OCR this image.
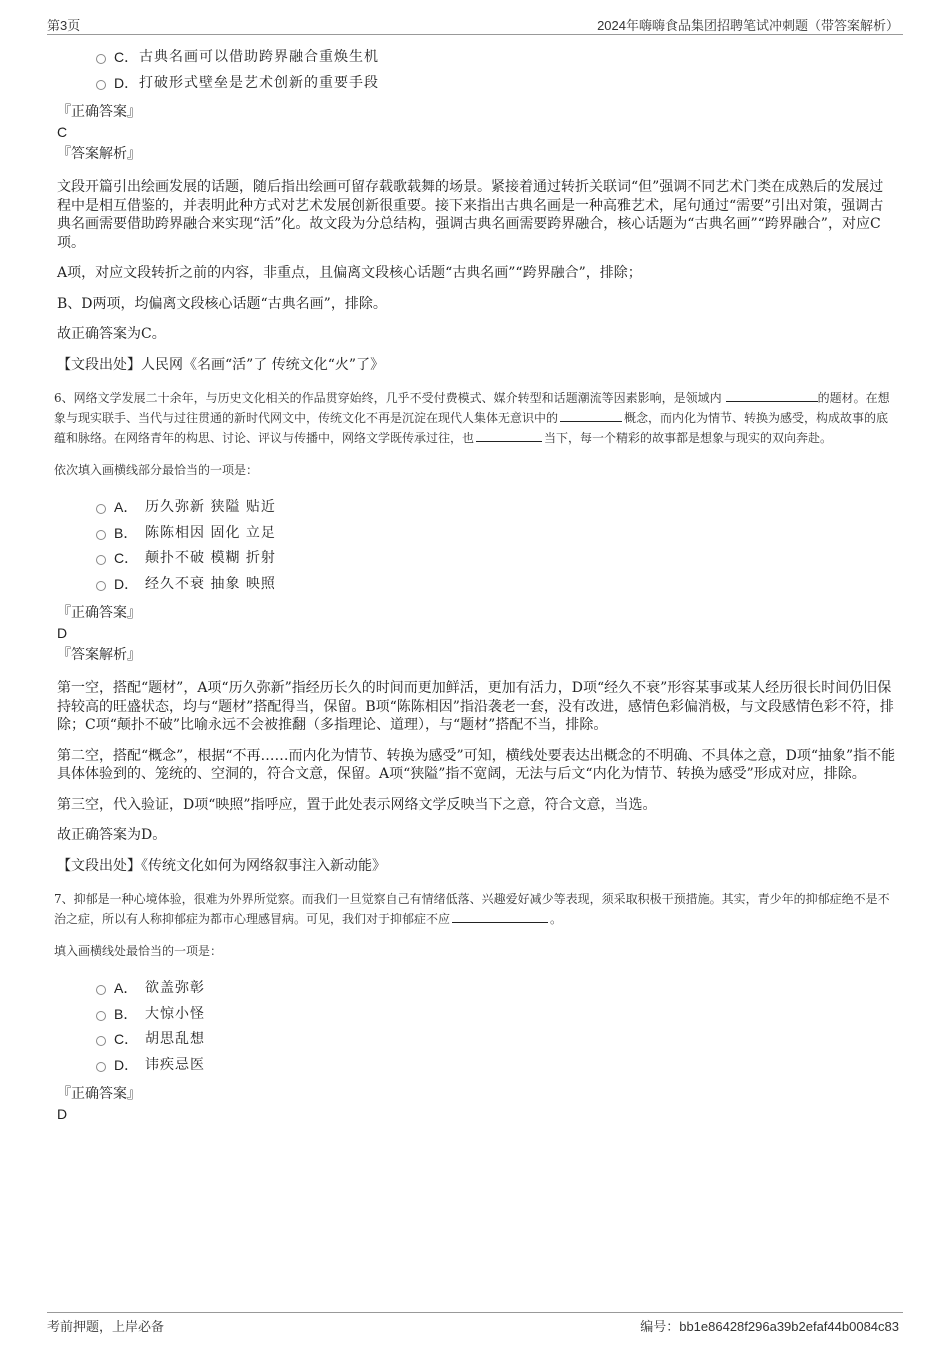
第3页	2024年嗨嗨食品集团招聘笔试冲刺题（带答案解析）
C． 古典名画可以借助跨界融合重焕生机
D． 打破形式壁垒是艺术创新的重要手段
『正确答案』
C
『答案解析』

文段开篇引出绘画发展的话题，随后指出绘画可留存载歌载舞的场景。紧接着通过转折关联词“但”强调不同艺术门类在成熟后的发展过程中是相互借鉴的，并表明此种方式对艺术发展创新很重要。接下来指出古典名画是一种高雅艺术，尾句通过“需要”引出对策，强调古典名画需要借助跨界融合来实现“活”化。故文段为分总结构，强调古典名画需要跨界融合，核心话题为“古典名画”“跨界融合”，对应C项。

A项，对应文段转折之前的内容，非重点，且偏离文段核心话题“古典名画”“跨界融合”，排除；

B、D两项，均偏离文段核心话题“古典名画”，排除。

故正确答案为C。

【文段出处】人民网《名画“活”了 传统文化“火”了》

6、网络文学发展二十余年，与历史文化相关的作品贯穿始终，几乎不受付费模式、媒介转型和话题潮流等因素影响，是领域内	的题材。在想象与现实联手、当代与过往贯通的新时代网文中，传统文化不再是沉淀在现代人集体无意识中的	概念，而内化为情节、转换为感受，构成故事的底蕴和脉络。在网络青年的构思、讨论、评议与传播中，网络文学既传承过往，也	当下，每一个精彩的故事都是想象与现实的双向奔赴。

依次填入画横线部分最恰当的一项是：

A． 历久弥新 狭隘 贴近
B． 陈陈相因 固化 立足
C． 颠扑不破 模糊 折射
D． 经久不衰 抽象 映照
『正确答案』
D
『答案解析』

第一空，搭配“题材”，A项“历久弥新”指经历长久的时间而更加鲜活，更加有活力，D项“经久不衰”形容某事或某人经历很长时间仍旧保持较高的旺盛状态，均与“题材”搭配得当，保留。B项“陈陈相因”指沿袭老一套，没有改进，感情色彩偏消极，与文段感情色彩不符，排除；C项“颠扑不破”比喻永远不会被推翻（多指理论、道理），与“题材”搭配不当，排除。

第二空，搭配“概念”，根据“不再……而内化为情节、转换为感受”可知，横线处要表达出概念的不明确、不具体之意，D项“抽象”指不能具体体验到的、笼统的、空洞的，符合文意，保留。A项“狭隘”指不宽阔，无法与后文“内化为情节、转换为感受”形成对应，排除。

第三空，代入验证，D项“映照”指呼应，置于此处表示网络文学反映当下之意，符合文意，当选。

故正确答案为D。

【文段出处】《传统文化如何为网络叙事注入新动能》

7、抑郁是一种心境体验，很难为外界所觉察。而我们一旦觉察自己有情绪低落、兴趣爱好减少等表现，须采取积极干预措施。其实，青少年的抑郁症绝不是不治之症，所以有人称抑郁症为都市心理感冒病。可见，我们对于抑郁症不应	。

填入画横线处最恰当的一项是：

A． 欲盖弥彰
B． 大惊小怪
C． 胡思乱想
D． 讳疾忌医
『正确答案』
D
考前押题，上岸必备	编号：bb1e86428f296a39b2efaf44b0084c83
